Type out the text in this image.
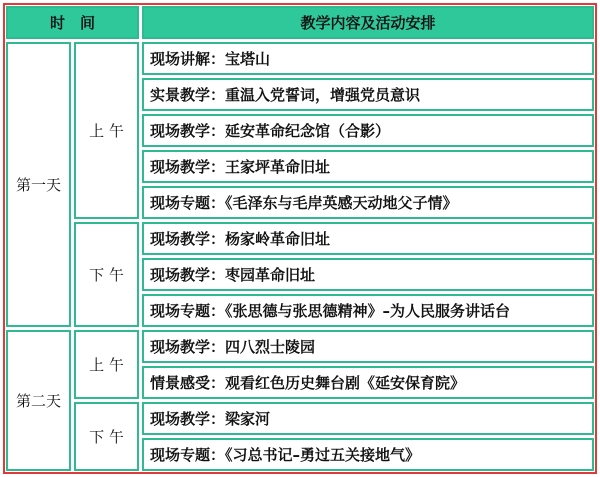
时　间		教学内容及活动安排
第一天	上 午	现场讲解：宝塔山
		实景教学：重温入党誓词，增强党员意识
		现场教学：延安革命纪念馆（合影）
		现场教学：王家坪革命旧址
		现场专题：《毛泽东与毛岸英感天动地父子情》
	下 午	现场教学：杨家岭革命旧址
		现场教学：枣园革命旧址
		现场专题：《张思德与张思德精神》–为人民服务讲话台
第二天	上 午	现场教学：四八烈士陵园
		情景感受：观看红色历史舞台剧《延安保育院》
	下 午	现场教学：梁家河
		现场专题：《习总书记–勇过五关接地气》
